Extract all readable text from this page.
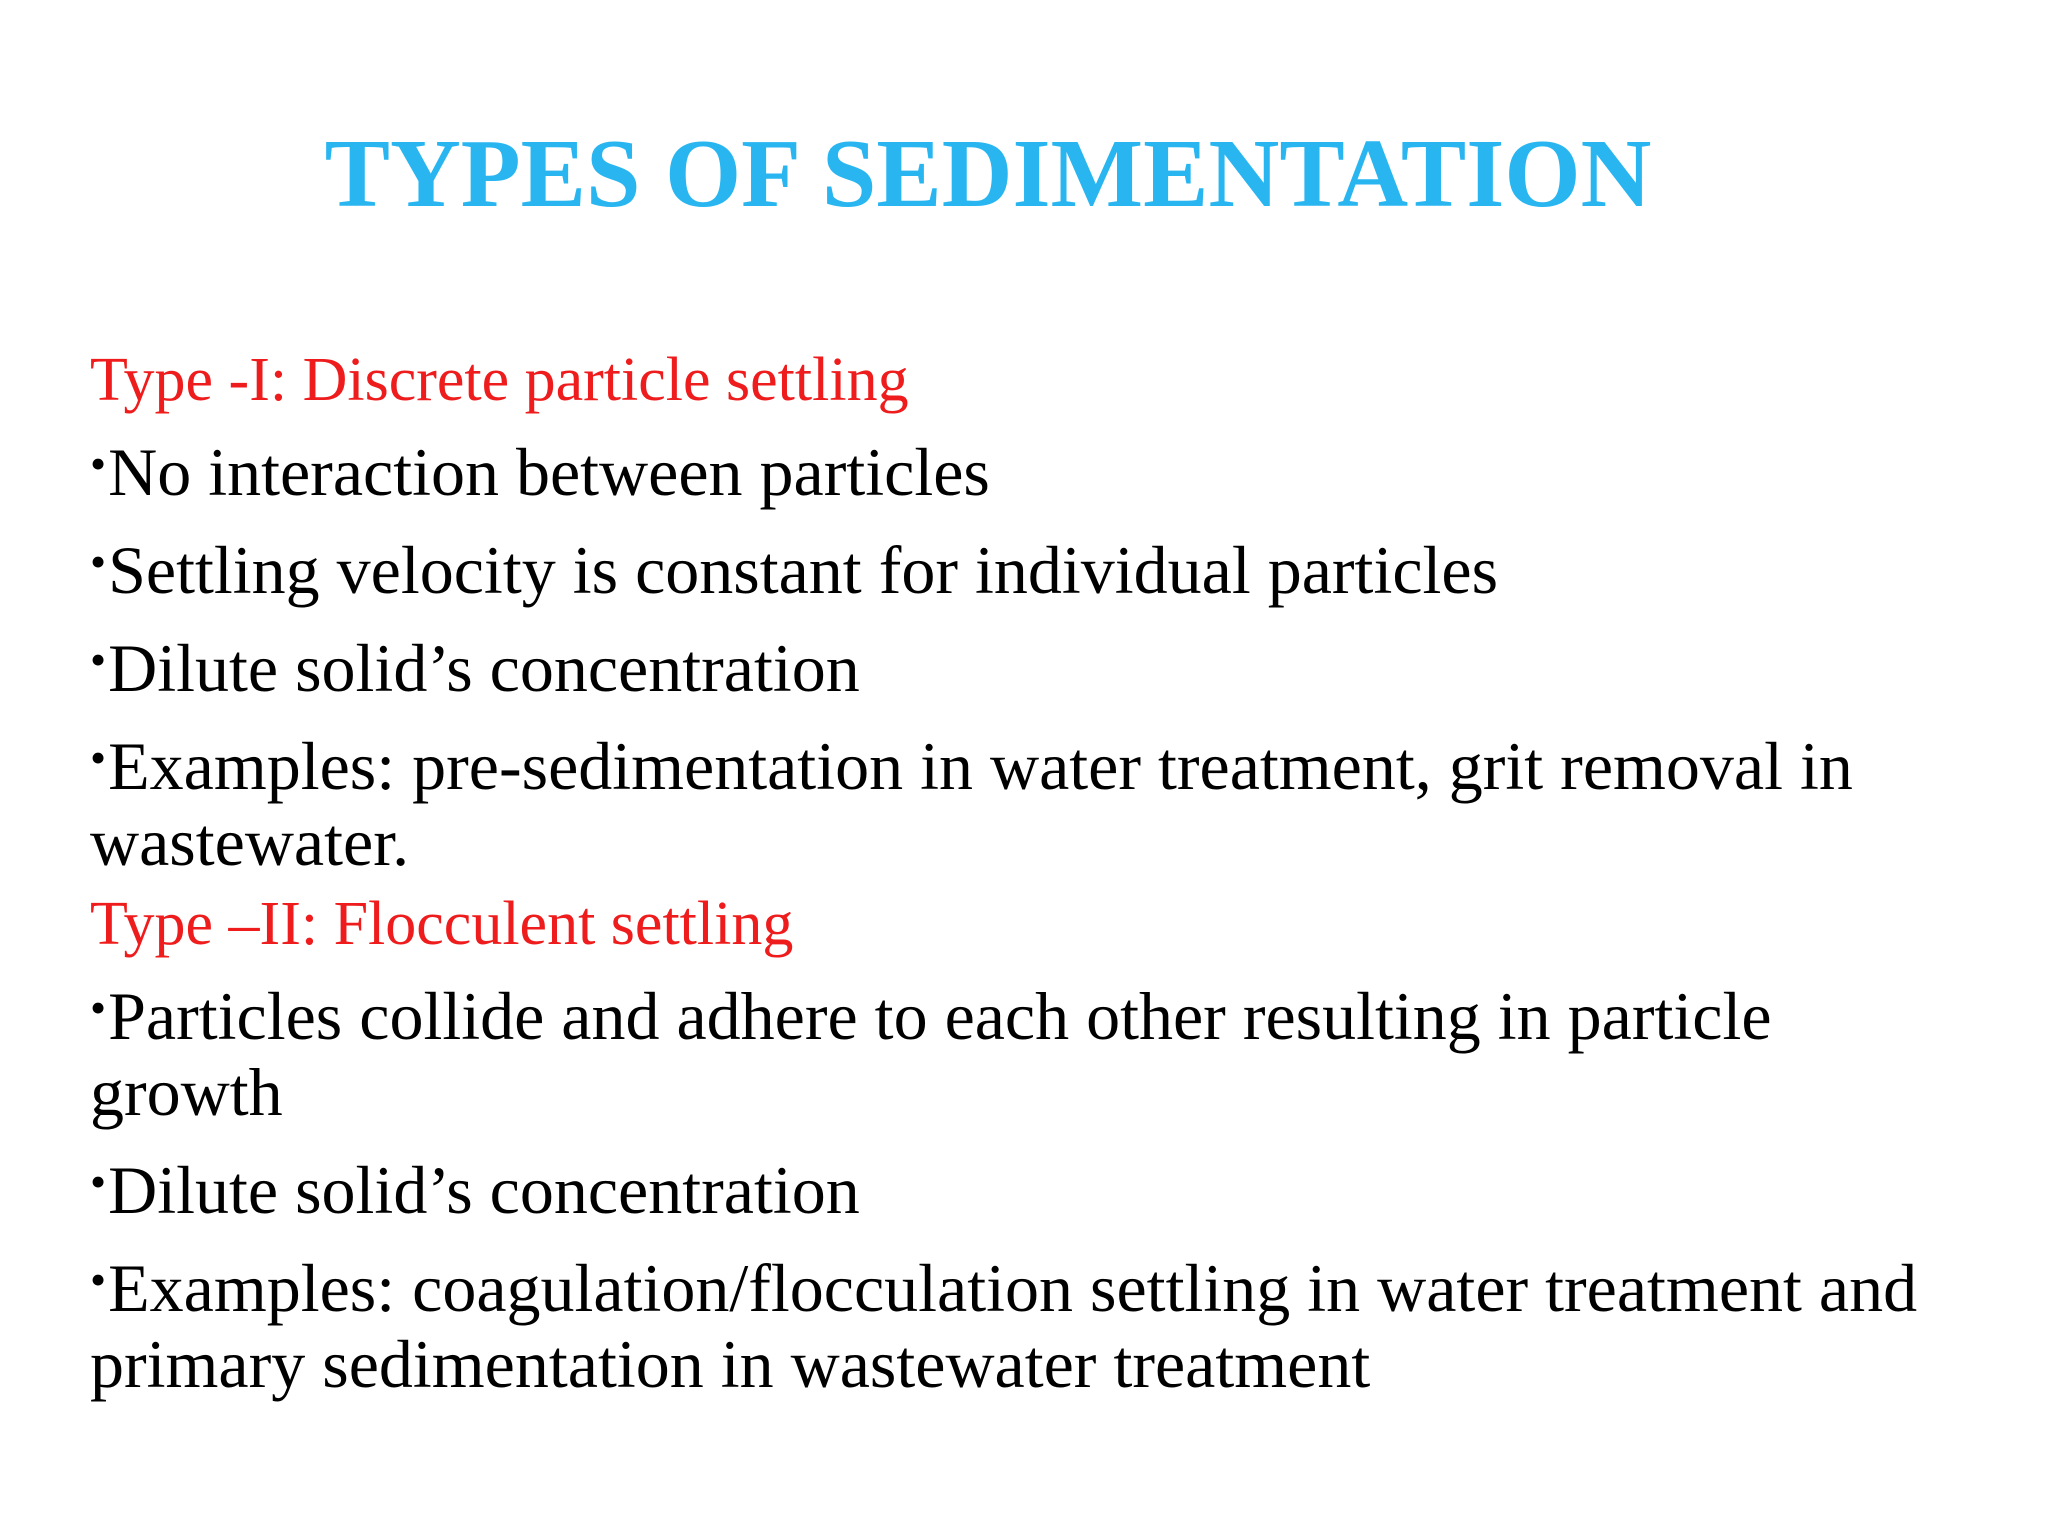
TYPES OF SEDIMENTATION
Type -I: Discrete particle settling
•No interaction between particles
•Settling velocity is constant for individual particles
•Dilute solid’s concentration
•Examples: pre-sedimentation in water treatment, grit removal in wastewater.
Type –II: Flocculent settling
•Particles collide and adhere to each other resulting in particle growth
•Dilute solid’s concentration
•Examples: coagulation/flocculation settling in water treatment and primary sedimentation in wastewater treatment
